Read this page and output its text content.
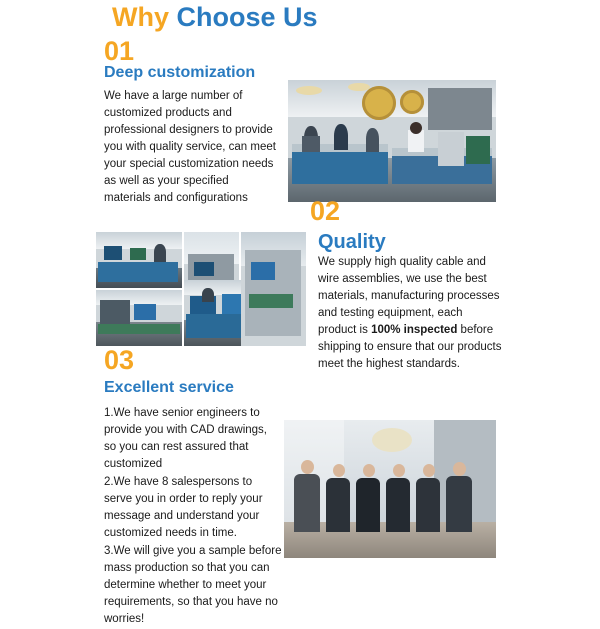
Why Choose Us
01
Deep customization
We have a large number of customized products and professional designers to provide you with quality service, can meet your special customization needs as well as your specified materials and configurations	02
Quality
We supply high quality cable and wire assemblies, we use the best materials, manufacturing processes and testing equipment, each product is 100% inspected before shipping to ensure that our products meet the highest standards.
03
Excellent service

1.We have senior engineers to provide you with CAD drawings, so you can rest assured that customized

2.We have 8 salespersons to serve you in order to reply your message and understand your customized needs in time.

3.We will give you a sample before mass production so that you can determine whether to meet your requirements, so that you have no worries!
